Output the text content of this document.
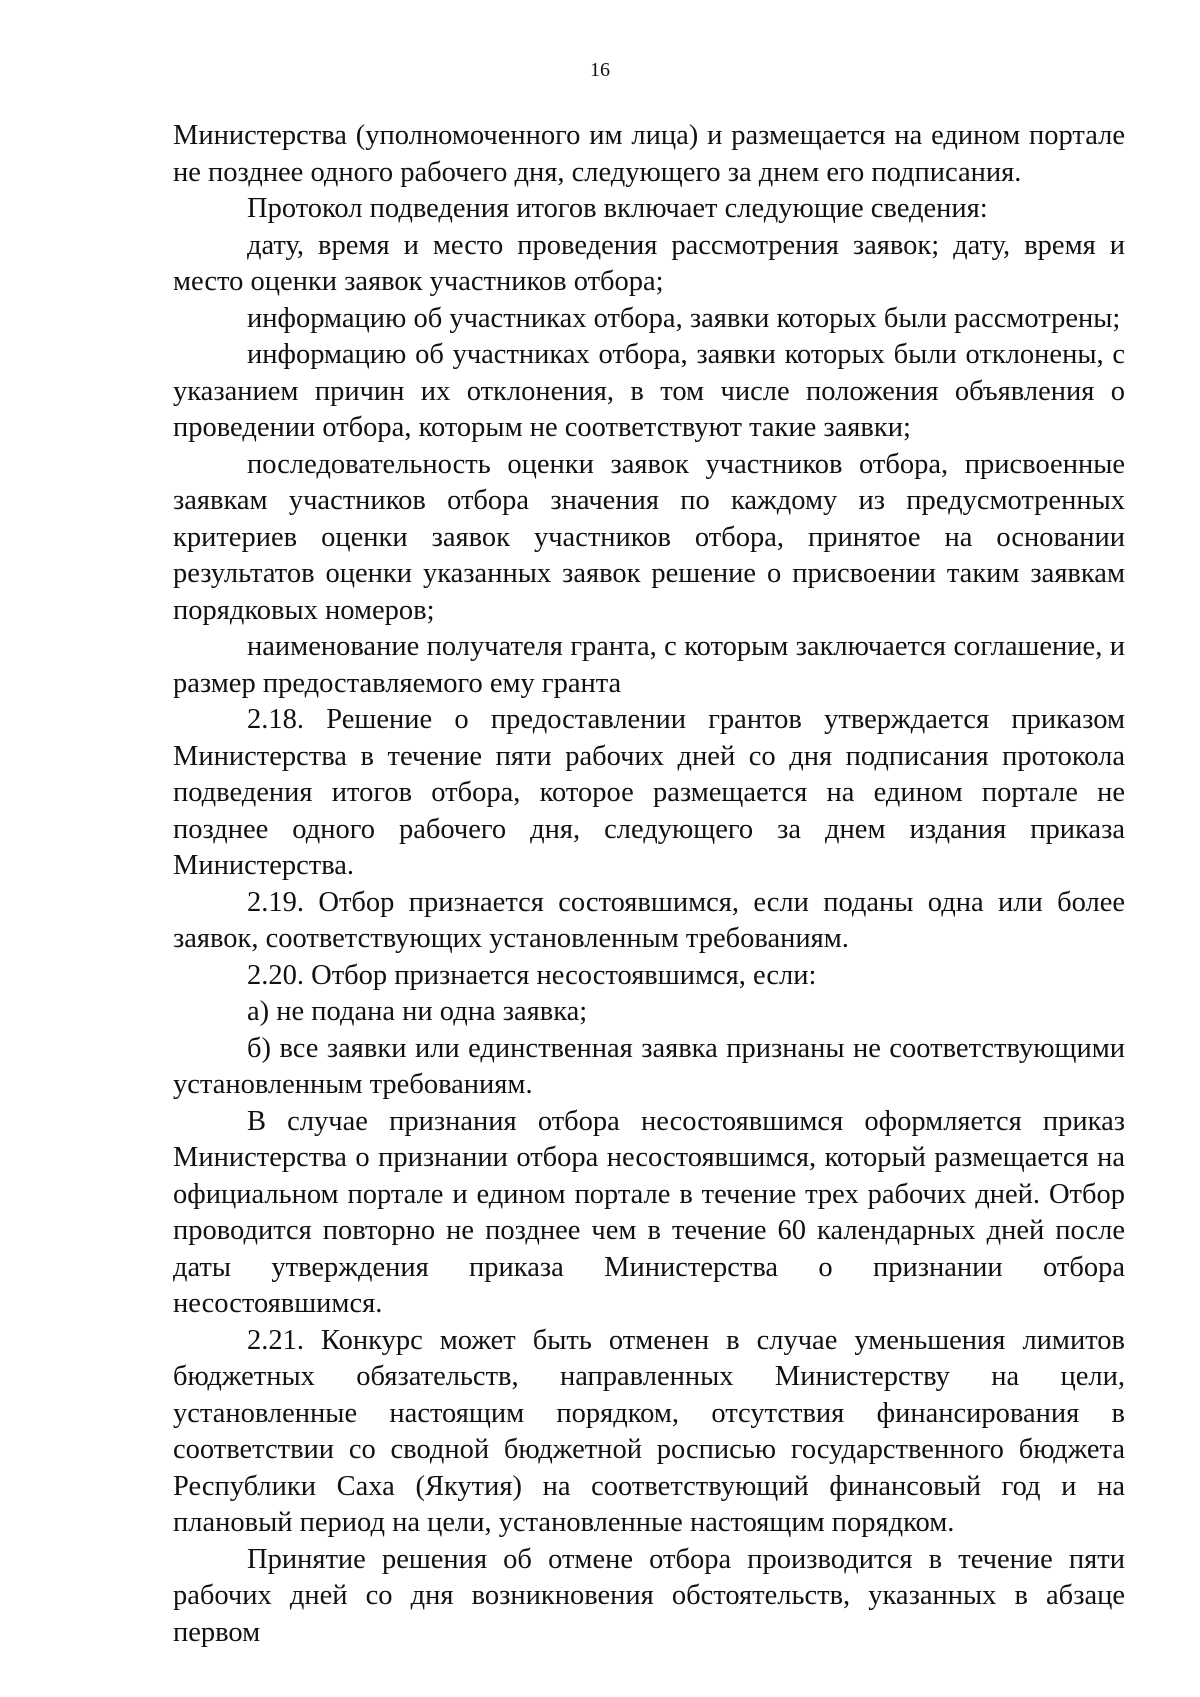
16

Министерства (уполномоченного им лица) и размещается на едином портале не позднее одного рабочего дня, следующего за днем его подписания.

Протокол подведения итогов включает следующие сведения:

дату, время и место проведения рассмотрения заявок; дату, время и место оценки заявок участников отбора;

информацию об участниках отбора, заявки которых были рассмотрены;

информацию об участниках отбора, заявки которых были отклонены, с указанием причин их отклонения, в том числе положения объявления о проведении отбора, которым не соответствуют такие заявки;

последовательность оценки заявок участников отбора, присвоенные заявкам участников отбора значения по каждому из предусмотренных критериев оценки заявок участников отбора, принятое на основании результатов оценки указанных заявок решение о присвоении таким заявкам порядковых номеров;

наименование получателя гранта, с которым заключается соглашение, и размер предоставляемого ему гранта

2.18. Решение о предоставлении грантов утверждается приказом Министерства в течение пяти рабочих дней со дня подписания протокола подведения итогов отбора, которое размещается на едином портале не позднее одного рабочего дня, следующего за днем издания приказа Министерства.

2.19. Отбор признается состоявшимся, если поданы одна или более заявок, соответствующих установленным требованиям.

2.20. Отбор признается несостоявшимся, если:

а) не подана ни одна заявка;

б) все заявки или единственная заявка признаны не соответствующими установленным требованиям.

В случае признания отбора несостоявшимся оформляется приказ Министерства о признании отбора несостоявшимся, который размещается на официальном портале и едином портале в течение трех рабочих дней. Отбор проводится повторно не позднее чем в течение 60 календарных дней после даты утверждения приказа Министерства о признании отбора несостоявшимся.

2.21. Конкурс может быть отменен в случае уменьшения лимитов бюджетных обязательств, направленных Министерству на цели, установленные настоящим порядком, отсутствия финансирования в соответствии со сводной бюджетной росписью государственного бюджета Республики Саха (Якутия) на соответствующий финансовый год и на плановый период на цели, установленные настоящим порядком.

Принятие решения об отмене отбора производится в течение пяти рабочих дней со дня возникновения обстоятельств, указанных в абзаце первом
